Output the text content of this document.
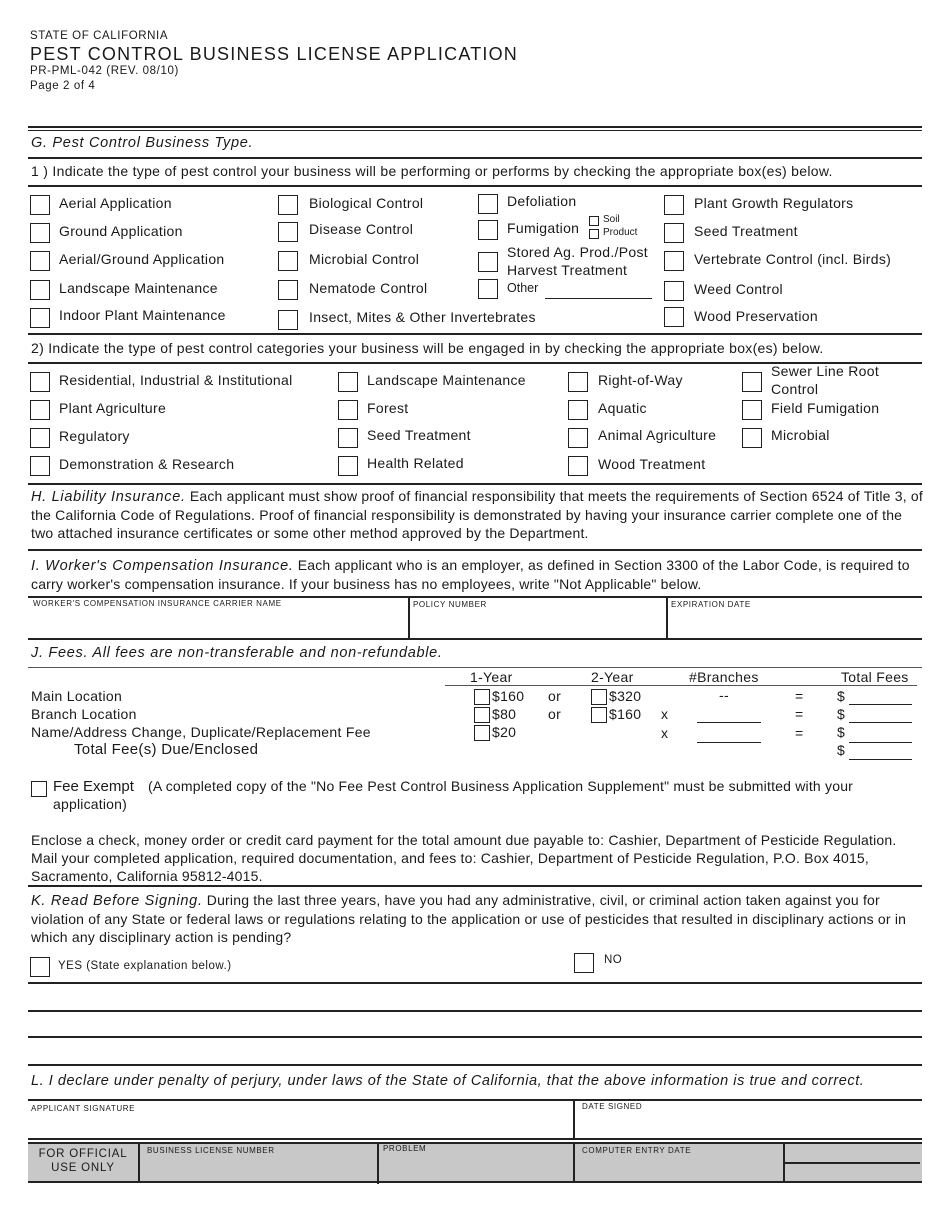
STATE OF CALIFORNIA
PEST CONTROL BUSINESS LICENSE APPLICATION
PR-PML-042 (REV. 08/10)
Page 2 of 4
G. Pest Control Business Type.
1 ) Indicate the type of pest control your business will be performing or performs by checking the appropriate box(es) below.
Aerial Application
Ground Application
Aerial/Ground Application
Landscape Maintenance
Indoor Plant Maintenance
Biological Control
Disease Control
Microbial Control
Nematode Control
Insect, Mites & Other Invertebrates
Defoliation
Fumigation
Soil
Product
Stored Ag. Prod./Post
Harvest Treatment
Other
Plant Growth Regulators
Seed Treatment
Vertebrate Control (incl. Birds)
Weed Control
Wood Preservation
2) Indicate the type of pest control categories your business will be engaged in by checking the appropriate box(es) below.
Residential, Industrial & Institutional
Plant Agriculture
Regulatory
Demonstration & Research
Landscape Maintenance
Forest
Seed Treatment
Health Related
Right-of-Way
Aquatic
Animal Agriculture
Wood Treatment
Sewer Line Root
Control
Field Fumigation
Microbial
H. Liability Insurance. Each applicant must show proof of financial responsibility that meets the requirements of Section 6524 of Title 3, of the California Code of Regulations. Proof of financial responsibility is demonstrated by having your insurance carrier complete one of the two attached insurance certificates or some other method approved by the Department.
I. Worker's Compensation Insurance. Each applicant who is an employer, as defined in Section 3300 of the Labor Code, is required to carry worker's compensation insurance. If your business has no employees, write "Not Applicable" below.
WORKER'S COMPENSATION INSURANCE CARRIER NAME	POLICY NUMBER	EXPIRATION DATE
J. Fees. All fees are non-transferable and non-refundable.
1-Year	2-Year	#Branches	Total Fees
Main Location	$160 or	$320	--	= $
Branch Location	$80 or	$160 x	= $
Name/Address Change, Duplicate/Replacement Fee	$20	x	= $
Total Fee(s) Due/Enclosed	$
Fee Exempt	(A completed copy of the "No Fee Pest Control Business Application Supplement" must be submitted with your application)
Enclose a check, money order or credit card payment for the total amount due payable to: Cashier, Department of Pesticide Regulation. Mail your completed application, required documentation, and fees to: Cashier, Department of Pesticide Regulation, P.O. Box 4015, Sacramento, California 95812-4015.
K. Read Before Signing. During the last three years, have you had any administrative, civil, or criminal action taken against you for violation of any State or federal laws or regulations relating to the application or use of pesticides that resulted in disciplinary actions or in which any disciplinary action is pending?
YES (State explanation below.)	NO
L. I declare under penalty of perjury, under laws of the State of California, that the above information is true and correct.
APPLICANT SIGNATURE	DATE SIGNED
FOR OFFICIAL
USE ONLY
BUSINESS LICENSE NUMBER	PROBLEM	COMPUTER ENTRY DATE
